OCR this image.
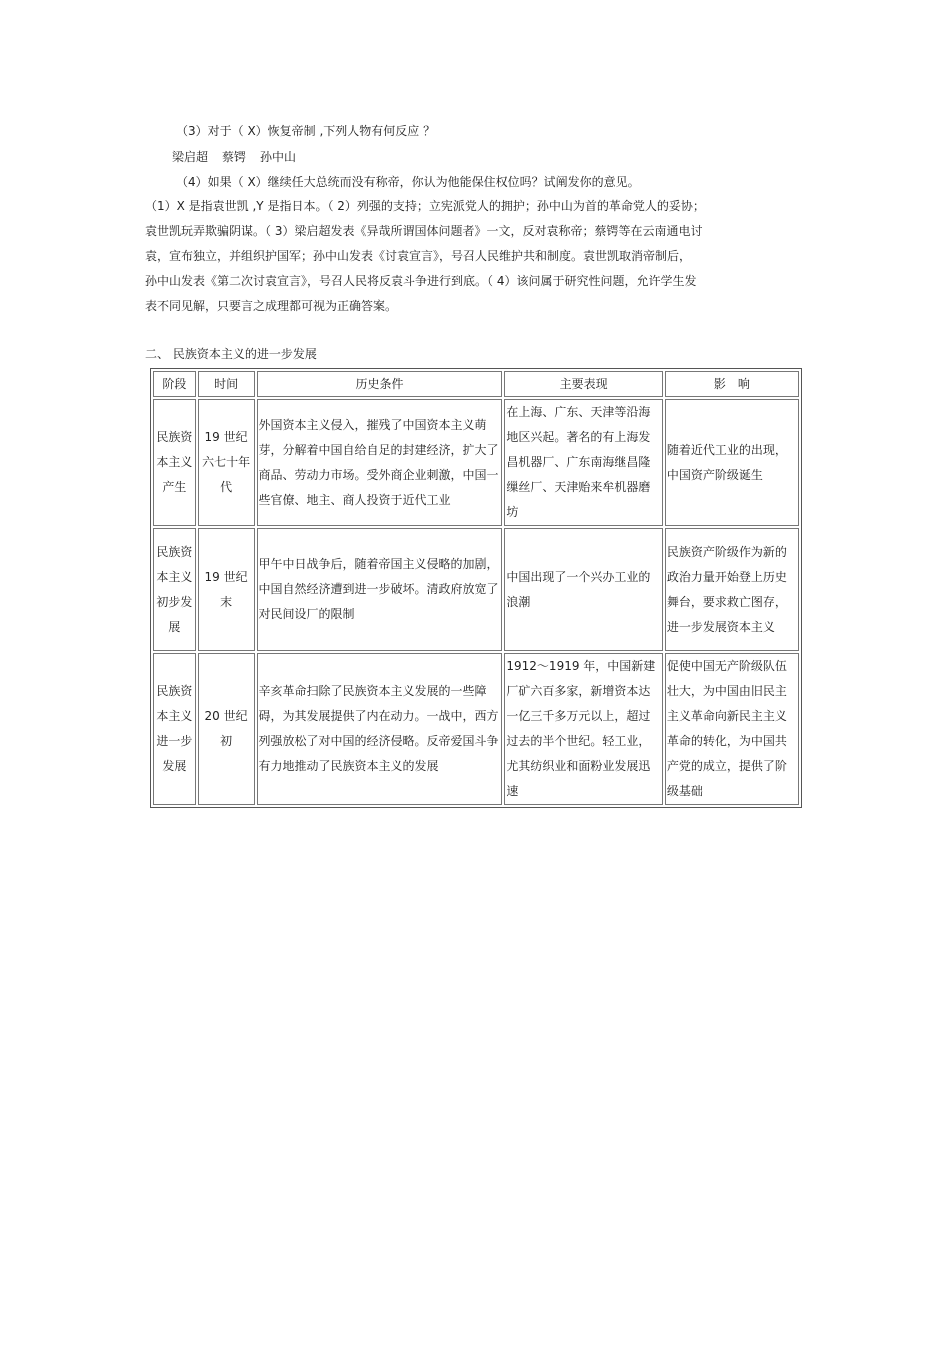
（3）对于（ X）恢复帝制 ,下列人物有何反应 ？
梁启超 蔡锷 孙中山
（4）如果（ X）继续任大总统而没有称帝，你认为他能保住权位吗？试阐发你的意见。
（1）X 是指袁世凯 ,Y 是指日本。（ 2）列强的支持；立宪派党人的拥护；孙中山为首的革命党人的妥协；
袁世凯玩弄欺骗阴谋。（ 3）梁启超发表《异哉所谓国体问题者》一文，反对袁称帝；蔡锷等在云南通电讨
袁，宣布独立，并组织护国军；孙中山发表《讨袁宣言》，号召人民维护共和制度。袁世凯取消帝制后，
孙中山发表《第二次讨袁宣言》，号召人民将反袁斗争进行到底。（ 4）该问属于研究性问题，允许学生发
表不同见解，只要言之成理都可视为正确答案。
二、 民族资本主义的进一步发展
阶段	时间	历史条件	主要表现	影　响
民族资本主义产生	19 世纪六七十年代	外国资本主义侵入，摧残了中国资本主义萌芽，分解着中国自给自足的封建经济，扩大了商品、劳动力市场。受外商企业刺激，中国一些官僚、地主、商人投资于近代工业	在上海、广东、天津等沿海地区兴起。著名的有上海发昌机器厂、广东南海继昌隆缫丝厂、天津贻来牟机器磨坊	随着近代工业的出现，中国资产阶级诞生
民族资本主义初步发展	19 世纪末	甲午中日战争后，随着帝国主义侵略的加剧，中国自然经济遭到进一步破坏。清政府放宽了对民间设厂的限制	中国出现了一个兴办工业的浪潮	民族资产阶级作为新的政治力量开始登上历史舞台，要求救亡图存，进一步发展资本主义
民族资本主义进一步发展	20 世纪初	辛亥革命扫除了民族资本主义发展的一些障碍，为其发展提供了内在动力。一战中，西方列强放松了对中国的经济侵略。反帝爱国斗争有力地推动了民族资本主义的发展	1912～1919 年，中国新建厂矿六百多家，新增资本达一亿三千多万元以上，超过过去的半个世纪。轻工业，尤其纺织业和面粉业发展迅速	促使中国无产阶级队伍壮大，为中国由旧民主主义革命向新民主主义革命的转化，为中国共产党的成立，提供了阶级基础
